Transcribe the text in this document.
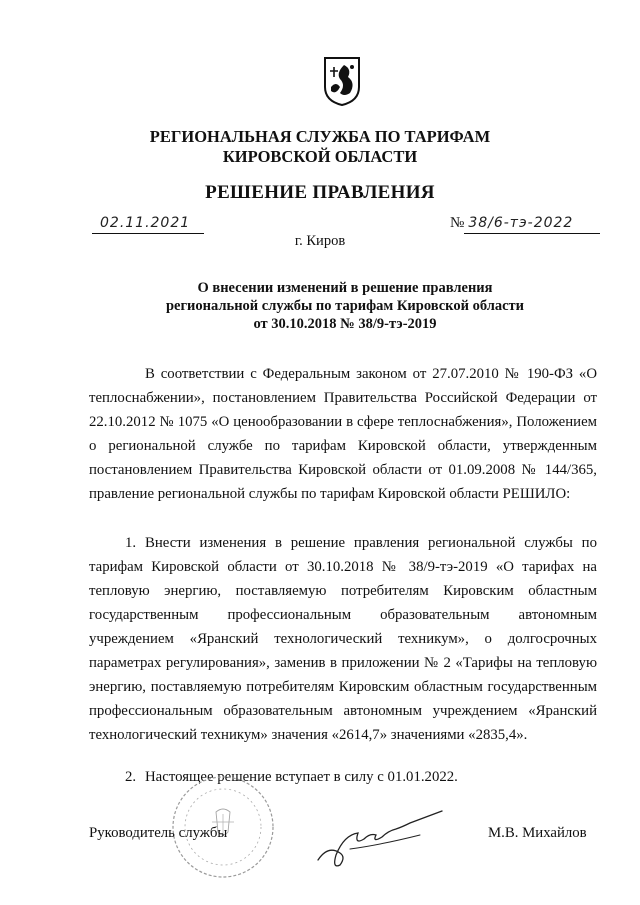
РЕГИОНАЛЬНАЯ СЛУЖБА ПО ТАРИФАМ
КИРОВСКОЙ ОБЛАСТИ
РЕШЕНИЕ ПРАВЛЕНИЯ
02.11.2021	№ 38/6-тэ-2022
г. Киров
О внесении изменений в решение правления
региональной службы по тарифам Кировской области
от 30.10.2018 № 38/9-тэ-2019
В соответствии с Федеральным законом от 27.07.2010 № 190-ФЗ «О теплоснабжении», постановлением Правительства Российской Федерации от 22.10.2012 № 1075 «О ценообразовании в сфере теплоснабжения», Положением о региональной службе по тарифам Кировской области, утвержденным постановлением Правительства Кировской области от 01.09.2008 № 144/365, правление региональной службы по тарифам Кировской области РЕШИЛО:
1. Внести изменения в решение правления региональной службы по тарифам Кировской области от 30.10.2018 № 38/9-тэ-2019 «О тарифах на тепловую энергию, поставляемую потребителям Кировским областным государственным профессиональным образовательным автономным учреждением «Яранский технологический техникум», о долгосрочных параметрах регулирования», заменив в приложении № 2 «Тарифы на тепловую энергию, поставляемую потребителям Кировским областным государственным профессиональным образовательным автономным учреждением «Яранский технологический техникум» значения «2614,7» значениями «2835,4».
2. Настоящее решение вступает в силу с 01.01.2022.
Руководитель службы	М.В. Михайлов
